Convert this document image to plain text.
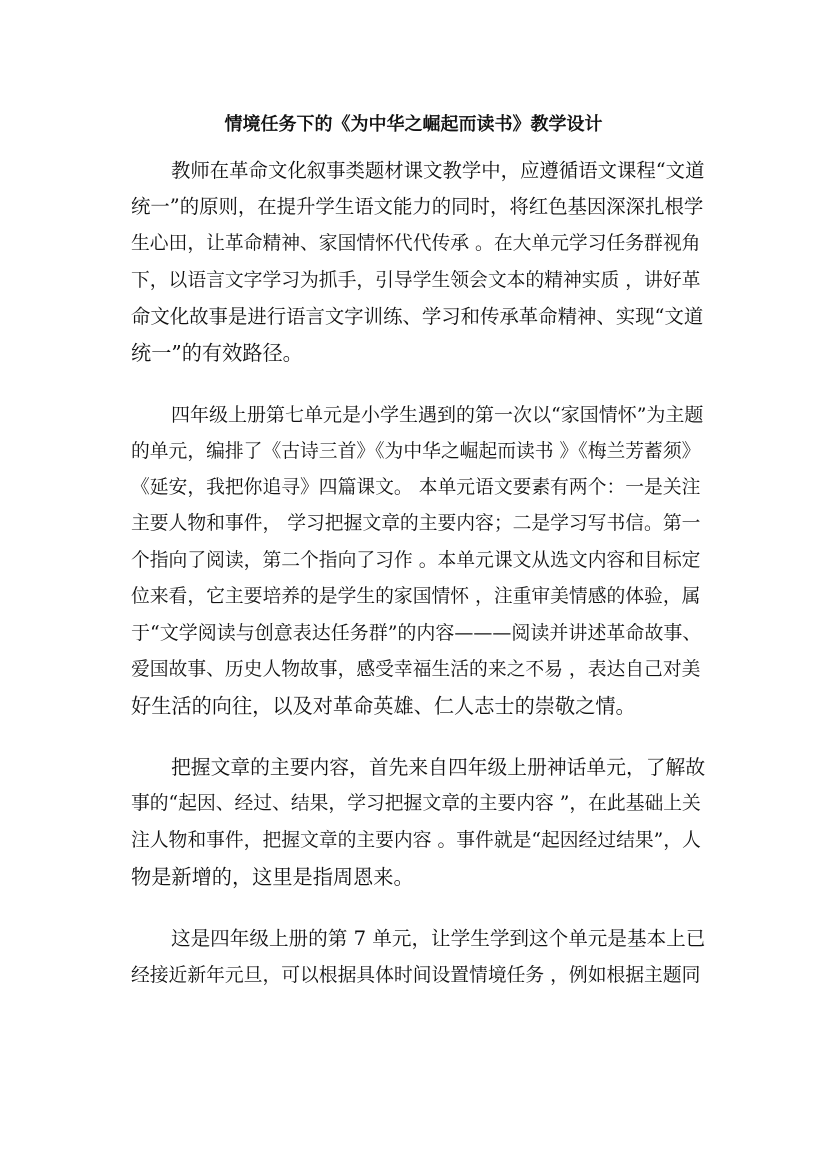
情境任务下的《为中华之崛起而读书》教学设计

教师在革命文化叙事类题材课文教学中，应遵循语文课程“文道

统一”的原则，在提升学生语文能力的同时，将红色基因深深扎根学

生心田，让革命精神、家国情怀代代传承 。在大单元学习任务群视角

下，以语言文字学习为抓手，引导学生领会文本的精神实质 ，讲好革

命文化故事是进行语言文字训练、学习和传承革命精神、实现“文道

统一”的有效路径。

四年级上册第七单元是小学生遇到的第一次以“家国情怀”为主题

的单元，编排了《古诗三首》《为中华之崛起而读书 》《梅兰芳蓄须》

《延安，我把你追寻》四篇课文。 本单元语文要素有两个：一是关注

主要人物和事件， 学习把握文章的主要内容；二是学习写书信。第一

个指向了阅读，第二个指向了习作 。本单元课文从选文内容和目标定

位来看，它主要培养的是学生的家国情怀 ，注重审美情感的体验，属

于“文学阅读与创意表达任务群”的内容———阅读并讲述革命故事、

爱国故事、历史人物故事，感受幸福生活的来之不易 ，表达自己对美

好生活的向往，以及对革命英雄、仁人志士的崇敬之情。

把握文章的主要内容，首先来自四年级上册神话单元，了解故

事的“起因、经过、结果，学习把握文章的主要内容 ”，在此基础上关

注人物和事件，把握文章的主要内容 。事件就是“起因经过结果”，人

物是新增的，这里是指周恩来。

这是四年级上册的第 7 单元，让学生学到这个单元是基本上已

经接近新年元旦，可以根据具体时间设置情境任务 ，例如根据主题同
